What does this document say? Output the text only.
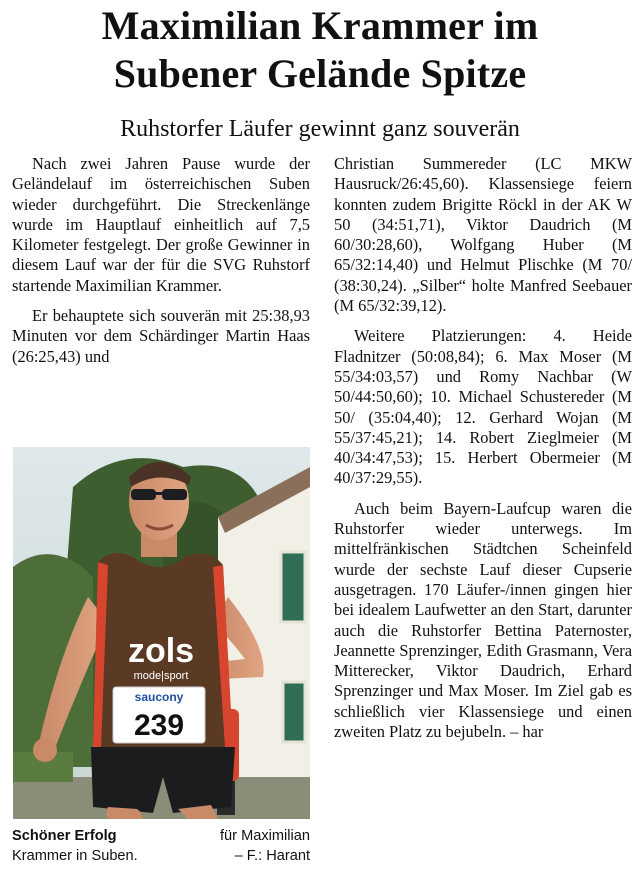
Maximilian Krammer im
Subener Gelände Spitze
Ruhstorfer Läufer gewinnt ganz souverän

Nach zwei Jahren Pause wurde der Geländelauf im österreichischen Suben wieder durchgeführt. Die Streckenlänge wurde im Hauptlauf einheitlich auf 7,5 Kilometer festgelegt. Der große Gewinner in diesem Lauf war der für die SVG Ruhstorf startende Maximilian Krammer.

Er behauptete sich souverän mit 25:38,93 Minuten vor dem Schärdinger Martin Haas (26:25,43) und

zols
mode|sport
saucony
239
Schöner Erfolg	für Maximilian
Krammer in Suben.	– F.: Harant

Christian Summereder (LC MKW Hausruck/26:45,60). Klassensiege feiern konnten zudem Brigitte Röckl in der AK W 50 (34:51,71), Viktor Daudrich (M 60/30:28,60), Wolfgang Huber (M 65/32:14,40) und Helmut Plischke (M 70/ (38:30,24). „Silber“ holte Manfred Seebauer (M 65/32:39,12).

Weitere Platzierungen: 4. Heide Fladnitzer (50:08,84); 6. Max Moser (M 55/34:03,57) und Romy Nachbar (W 50/44:50,60); 10. Michael Schustereder (M 50/ (35:04,40); 12. Gerhard Wojan (M 55/37:45,21); 14. Robert Zieglmeier (M 40/34:47,53); 15. Herbert Obermeier (M 40/37:29,55).

Auch beim Bayern-Laufcup waren die Ruhstorfer wieder unterwegs. Im mittelfränkischen Städtchen Scheinfeld wurde der sechste Lauf dieser Cupserie ausgetragen. 170 Läufer-/innen gingen hier bei idealem Laufwetter an den Start, darunter auch die Ruhstorfer Bettina Paternoster, Jeannette Sprenzinger, Edith Grasmann, Vera Mitterecker, Viktor Daudrich, Erhard Sprenzinger und Max Moser. Im Ziel gab es schließlich vier Klassensiege und einen zweiten Platz zu bejubeln. – har
